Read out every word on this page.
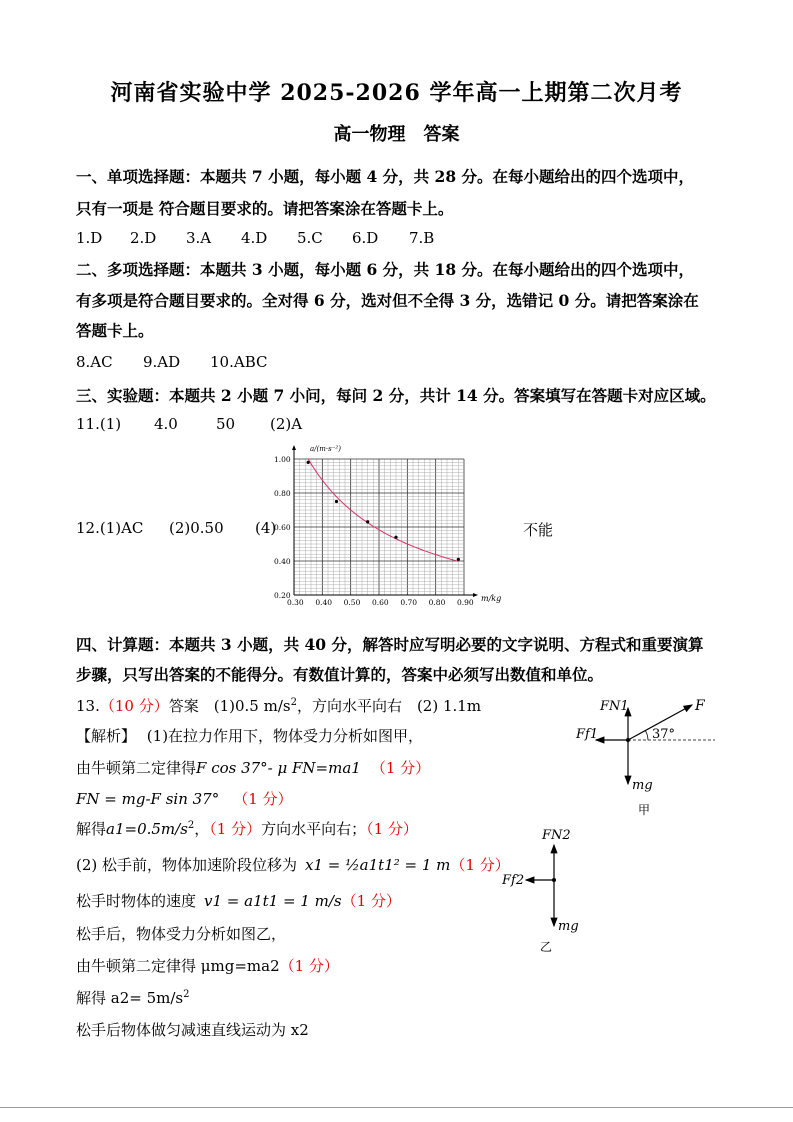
河南省实验中学 2025-2026 学年高一上期第二次月考
高一物理　答案
一、单项选择题：本题共 7 小题，每小题 4 分，共 28 分。在每小题给出的四个选项中，
只有一项是 符合题目要求的。请把答案涂在答题卡上。
1.D 2.D 3.A 4.D 5.C 6.D 7.B
二、多项选择题：本题共 3 小题，每小题 6 分，共 18 分。在每小题给出的四个选项中，
有多项是符合题目要求的。全对得 6 分，选对但不全得 3 分，选错记 0 分。请把答案涂在
答题卡上。
8.AC 9.AD 10.ABC
三、实验题：本题共 2 小题 7 小问，每问 2 分，共计 14 分。答案填写在答题卡对应区域。
11.(1) 4.0	50 (2)A
12.(1)AC (2)0.50 (4)	不能
0.30 0.40 0.50 0.60 0.70 0.80 0.90
0.20
0.40
0.60
0.80
1.00
a/(m·s⁻²)
m/kg
四、计算题：本题共 3 小题，共 40 分，解答时应写明必要的文字说明、方程式和重要演算
步骤，只写出答案的不能得分。有数值计算的，答案中必须写出数值和单位。
13.（10 分）答案　(1)0.5 $m/s^2$，方向水平向右　(2) 1.1m
【解析】 (1)在拉力作用下，物体受力分析如图甲，
由牛顿第二定律得F cos 37°- μ FN=ma1 （1 分）
FN = mg-F sin 37° （1 分）
解得$a1=0.5m/s^2$，（1 分）方向水平向右；（1 分）
(2) 松手前，物体加速阶段位移为 x1 = ½a1t1² = 1 m（1 分）
松手时物体的速度 v1 = a1t1 = 1 m/s（1 分）
松手后，物体受力分析如图乙，
由牛顿第二定律得 μmg=ma2（1 分）
解得 $a2= 5m/s^2$
松手后物体做匀减速直线运动为 x2
FN1	F
Ff1	37°
mg
甲
FN2
Ff2
mg
乙
